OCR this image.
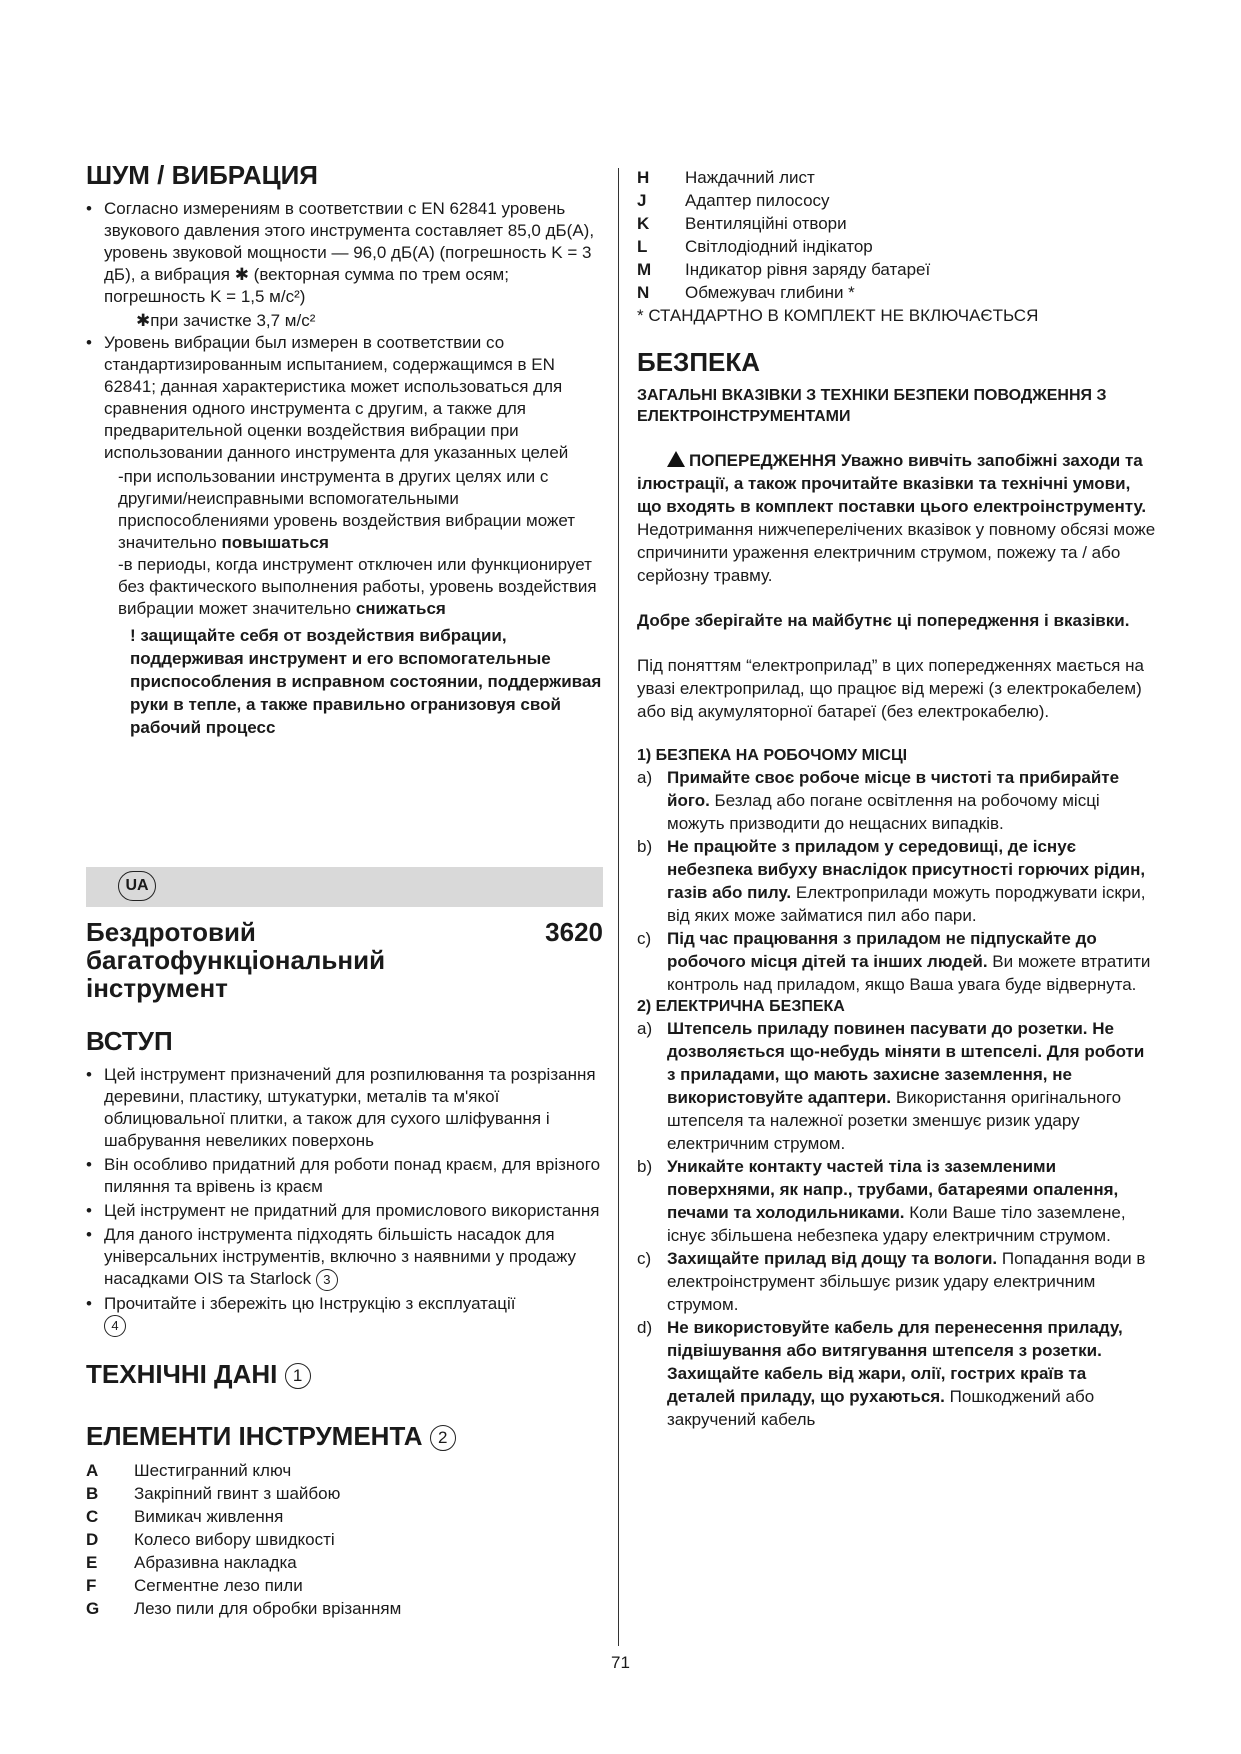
ШУМ / ВИБРАЦИЯ
• Согласно измерениям в соответствии с EN 62841 уровень звукового давления этого инструмента составляет 85,0 дБ(A), уровень звуковой мощности — 96,0 дБ(A) (погрешность K = 3 дБ), а вибрация ✱ (векторная сумма по трем осям; погрешность K = 1,5 м/с²)
✱при зачистке 3,7 м/с²
• Уровень вибрации был измерен в соответствии со стандартизированным испытанием, содержащимся в EN 62841; данная характеристика может использоваться для сравнения одного инструмента с другим, а также для предварительной оценки воздействия вибрации при использовании данного инструмента для указанных целей
-при использовании инструмента в других целях или с другими/неисправными вспомогательными приспособлениями уровень воздействия вибрации может значительно повышаться
-в периоды, когда инструмент отключен или функционирует без фактического выполнения работы, уровень воздействия вибрации может значительно снижаться
! защищайте себя от воздействия вибрации, поддерживая инструмент и его вспомогательные приспособления в исправном состоянии, поддерживая руки в тепле, а также правильно огранизовуя свой рабочий процесс
UA
Бездротовий багатофункціональний інструмент
3620
ВСТУП
• Цей інструмент призначений для розпилювання та розрізання деревини, пластику, штукатурки, металів та м'якої облицювальної плитки, а також для сухого шліфування і шабрування невеликих поверхонь
• Він особливо придатний для роботи понад краєм, для врізного пиляння та врівень із краєм
• Цей інструмент не придатний для промислового використання
• Для даного інструмента підходять більшість насадок для універсальних інструментів, включно з наявними у продажу насадками OIS та Starlock 3
• Прочитайте і збережіть цю Інструкцію з експлуатації
4
ТЕХНІЧНІ ДАНІ 1
ЕЛЕМЕНТИ ІНСТРУМЕНТА 2
A	Шестигранний ключ
B	Закріпний гвинт з шайбою
C	Вимикач живлення
D	Колесо вибору швидкості
E	Абразивна накладка
F	Сегментне лезо пили
G	Лезо пили для обробки врізанням
H	Наждачний лист
J	Адаптер пилососу
K	Вентиляційні отвори
L	Світлодіодний індікатор
M	Індикатор рівня заряду батареї
N	Обмежувач глибини *
* СТАНДАРТНО В КОМПЛЕКТ НЕ ВКЛЮЧАЄТЬСЯ
БЕЗПЕКА
ЗАГАЛЬНІ ВКАЗІВКИ З ТЕХНІКИ БЕЗПЕКИ ПОВОДЖЕННЯ З ЕЛЕКТРОІНСТРУМЕНТАМИ
ПОПЕРЕДЖЕННЯ Уважно вивчіть запобіжні заходи та ілюстрації, а також прочитайте вказівки та технічні умови, що входять в комплект поставки цього електроінструменту. Недотримання нижчеперелічених вказівок у повному обсязі може спричинити ураження електричним струмом, пожежу та / або серйозну травму.
Добре зберігайте на майбутнє ці попередження і вказівки.
Під поняттям “електроприлад” в цих попередженнях мається на увазі електроприлад, що працює від мережі (з електрокабелем) або від акумуляторної батареї (без електрокабелю).
1) БЕЗПЕКА НА РОБОЧОМУ МІСЦІ
a) Примайте своє робоче місце в чистоті та прибирайте його. Безлад або погане освітлення на робочому місці можуть призводити до нещасних випадків.
b) Не працюйте з приладом у середовищі, де існує небезпека вибуху внаслідок присутності горючих рідин, газів або пилу. Електроприлади можуть породжувати іскри, від яких може займатися пил або пари.
c) Під час працювання з приладом не підпускайте до робочого місця дітей та інших людей. Ви можете втратити контроль над приладом, якщо Ваша увага буде відвернута.
2) ЕЛЕКТРИЧНА БЕЗПЕКА
a) Штепсель приладу повинен пасувати до розетки. Не дозволяється що-небудь міняти в штепселі. Для роботи з приладами, що мають захисне заземлення, не використовуйте адаптери. Використання оригінального штепселя та належної розетки зменшує ризик удару електричним струмом.
b) Уникайте контакту частей тіла із заземленими поверхнями, як напр., трубами, батареями опалення, печами та холодильниками. Коли Ваше тіло заземлене, існує збільшена небезпека удару електричним струмом.
c) Захищайте прилад від дощу та вологи. Попадання води в електроінструмент збільшує ризик удару електричним струмом.
d) Не використовуйте кабель для перенесення приладу, підвішування або витягування штепселя з розетки. Захищайте кабель від жари, олії, гострих країв та деталей приладу, що рухаються. Пошкоджений або закручений кабель
71
